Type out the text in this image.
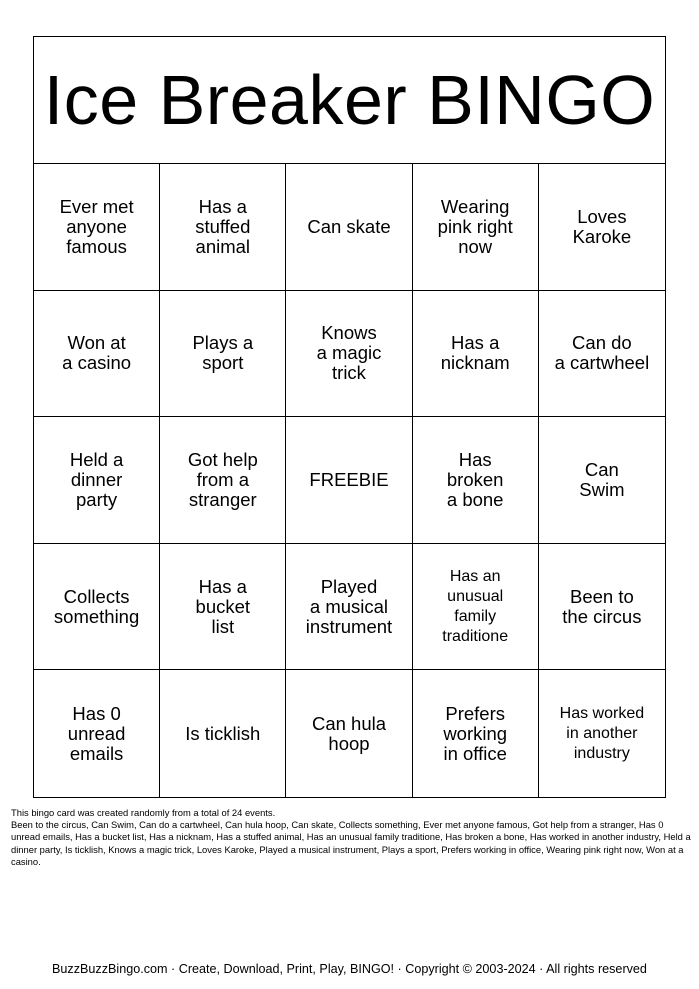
Ice Breaker BINGO
Ever met
anyone
famous
Has a
stuffed
animal
Can skate
Wearing
pink right
now
Loves
Karoke
Won at
a casino
Plays a
sport
Knows
a magic
trick
Has a
nicknam
Can do
a cartwheel
Held a
dinner
party
Got help
from a
stranger
FREEBIE
Has
broken
a bone
Can
Swim
Collects
something
Has a
bucket
list
Played
a musical
instrument
Has an
unusual
family
traditione
Been to
the circus
Has 0
unread
emails
Is ticklish	Can hula
hoop
Prefers
working
in office
Has worked
in another
industry
This bingo card was created randomly from a total of 24 events.
Been to the circus, Can Swim, Can do a cartwheel, Can hula hoop, Can skate, Collects something, Ever met anyone famous, Got help from a stranger, Has 0 unread emails, Has a bucket list, Has a nicknam, Has a stuffed animal, Has an unusual family traditione, Has broken a bone, Has worked in another industry, Held a dinner party, Is ticklish, Knows a magic trick, Loves Karoke, Played a musical instrument, Plays a sport, Prefers working in office, Wearing pink right now, Won at a casino.
BuzzBuzzBingo.com · Create, Download, Print, Play, BINGO! · Copyright © 2003-2024 · All rights reserved
